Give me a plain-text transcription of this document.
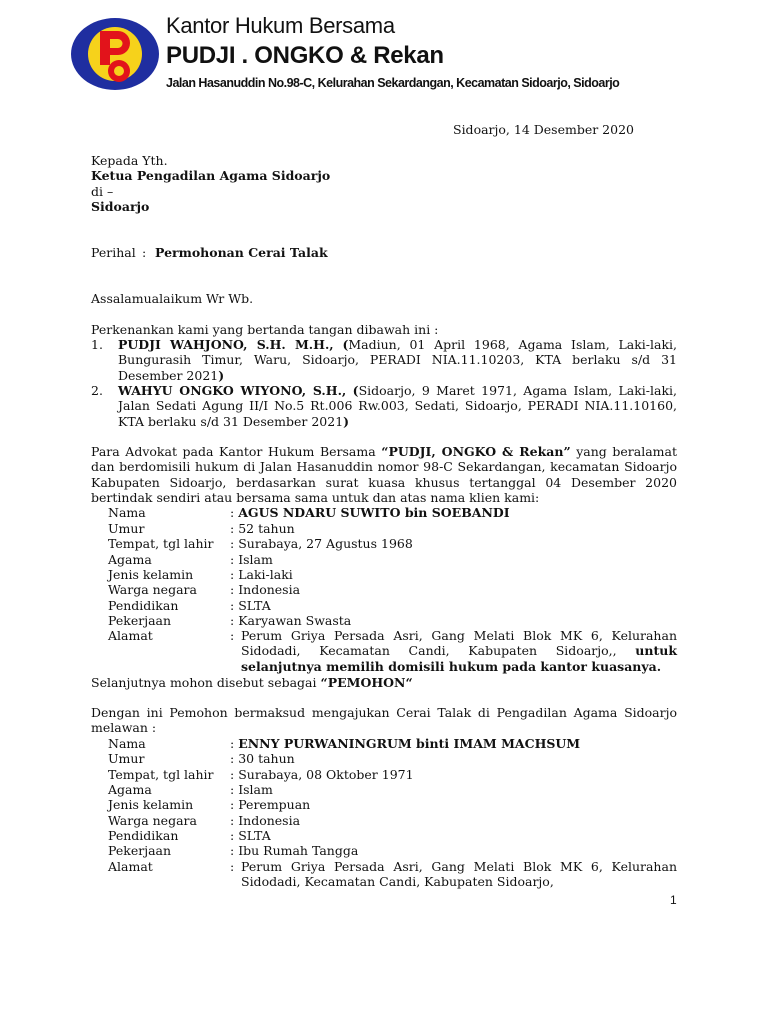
Kantor Hukum Bersama
PUDJI . ONGKO & Rekan
Jalan Hasanuddin No.98-C, Kelurahan Sekardangan, Kecamatan Sidoarjo, Sidoarjo
Sidoarjo, 14 Desember 2020
Kepada Yth.
Ketua Pengadilan Agama Sidoarjo
di –
Sidoarjo
Perihal : Permohonan Cerai Talak
Assalamualaikum Wr Wb.
Perkenankan kami yang bertanda tangan dibawah ini :
1. PUDJI WAHJONO, S.H. M.H., (Madiun, 01 April 1968, Agama Islam, Laki-laki, Bungurasih Timur, Waru, Sidoarjo, PERADI NIA.11.10203, KTA berlaku s/d 31 Desember 2021)
2. WAHYU ONGKO WIYONO, S.H., (Sidoarjo, 9 Maret 1971, Agama Islam, Laki-laki, Jalan Sedati Agung II/I No.5 Rt.006 Rw.003, Sedati, Sidoarjo, PERADI NIA.11.10160, KTA berlaku s/d 31 Desember 2021)
Para Advokat pada Kantor Hukum Bersama “PUDJI, ONGKO & Rekan” yang beralamat dan berdomisili hukum di Jalan Hasanuddin nomor 98-C Sekardangan, kecamatan Sidoarjo Kabupaten Sidoarjo, berdasarkan surat kuasa khusus tertanggal 04 Desember 2020 bertindak sendiri atau bersama sama untuk dan atas nama klien kami:
Nama
Umur
Tempat, tgl lahir
Agama
Jenis kelamin
Warga negara
Pendidikan
Pekerjaan
Alamat
: AGUS NDARU SUWITO bin SOEBANDI
: 52 tahun
: Surabaya, 27 Agustus 1968
: Islam
: Laki-laki
: Indonesia
: SLTA
: Karyawan Swasta
: Perum Griya Persada Asri, Gang Melati Blok MK 6, Kelurahan Sidodadi, Kecamatan Candi, Kabupaten Sidoarjo,, untuk selanjutnya memilih domisili hukum pada kantor kuasanya.
Selanjutnya mohon disebut sebagai “PEMOHON“
Dengan ini Pemohon bermaksud mengajukan Cerai Talak di Pengadilan Agama Sidoarjo melawan :
Nama
Umur
Tempat, tgl lahir
Agama
Jenis kelamin
Warga negara
Pendidikan
Pekerjaan
Alamat
: ENNY PURWANINGRUM binti IMAM MACHSUM
: 30 tahun
: Surabaya, 08 Oktober 1971
: Islam
: Perempuan
: Indonesia
: SLTA
: Ibu Rumah Tangga
: Perum Griya Persada Asri, Gang Melati Blok MK 6, Kelurahan Sidodadi, Kecamatan Candi, Kabupaten Sidoarjo,
1
